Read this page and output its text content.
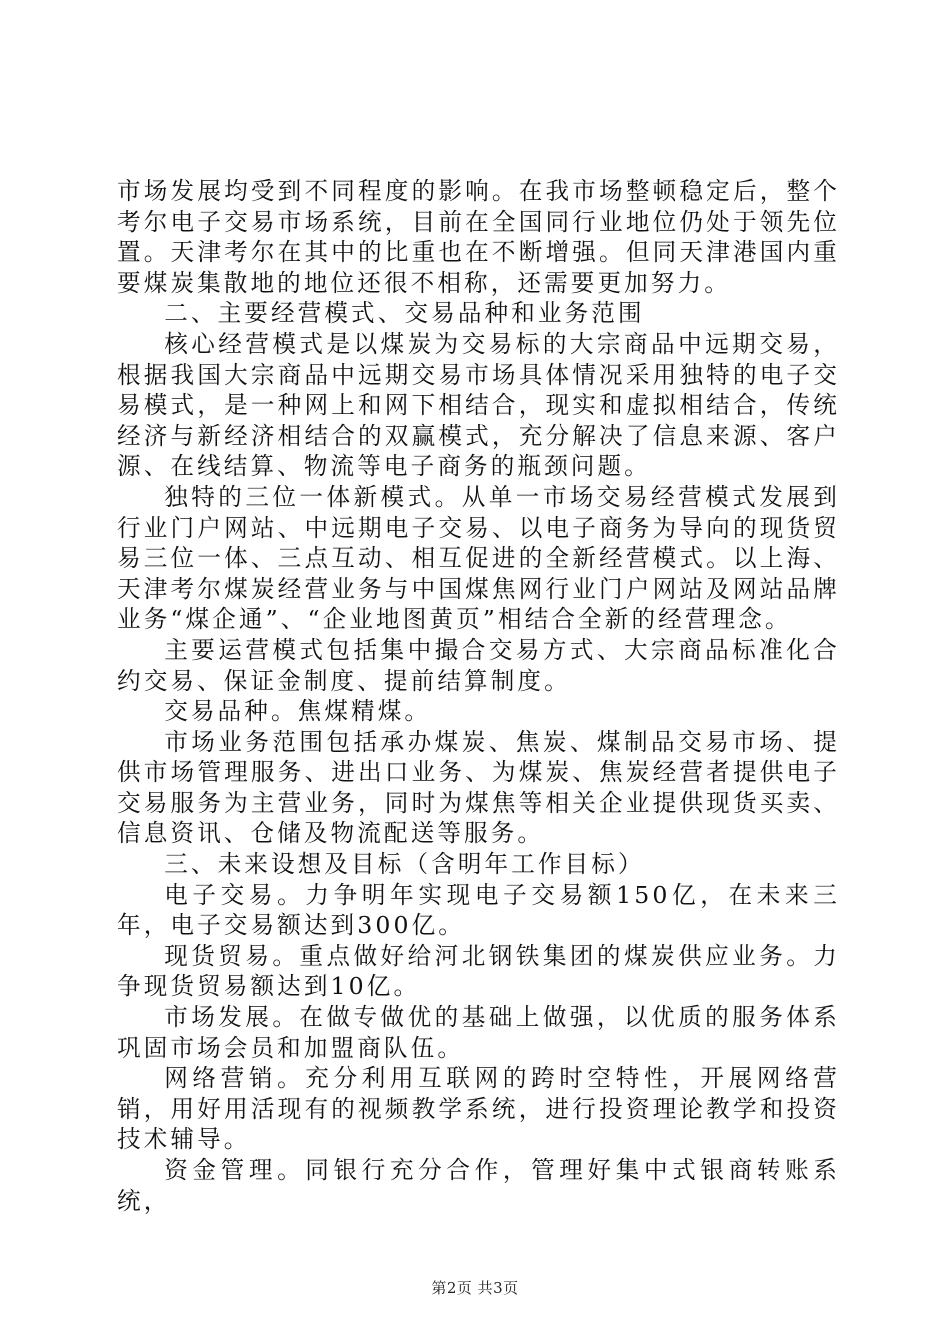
市场发展均受到不同程度的影响。在我市场整顿稳定后，整个考尔电子交易市场系统，目前在全国同行业地位仍处于领先位置。天津考尔在其中的比重也在不断增强。但同天津港国内重要煤炭集散地的地位还很不相称，还需要更加努力。

二、主要经营模式、交易品种和业务范围

核心经营模式是以煤炭为交易标的大宗商品中远期交易，根据我国大宗商品中远期交易市场具体情况采用独特的电子交易模式，是一种网上和网下相结合，现实和虚拟相结合，传统经济与新经济相结合的双赢模式，充分解决了信息来源、客户源、在线结算、物流等电子商务的瓶颈问题。

独特的三位一体新模式。从单一市场交易经营模式发展到行业门户网站、中远期电子交易、以电子商务为导向的现货贸易三位一体、三点互动、相互促进的全新经营模式。以上海、天津考尔煤炭经营业务与中国煤焦网行业门户网站及网站品牌业务“煤企通”、“企业地图黄页”相结合全新的经营理念。

主要运营模式包括集中撮合交易方式、大宗商品标准化合约交易、保证金制度、提前结算制度。

交易品种。焦煤精煤。

市场业务范围包括承办煤炭、焦炭、煤制品交易市场、提供市场管理服务、进出口业务、为煤炭、焦炭经营者提供电子交易服务为主营业务，同时为煤焦等相关企业提供现货买卖、信息资讯、仓储及物流配送等服务。

三、未来设想及目标（含明年工作目标）

电子交易。力争明年实现电子交易额150亿，在未来三年，电子交易额达到300亿。

现货贸易。重点做好给河北钢铁集团的煤炭供应业务。力争现货贸易额达到10亿。

市场发展。在做专做优的基础上做强，以优质的服务体系巩固市场会员和加盟商队伍。

网络营销。充分利用互联网的跨时空特性，开展网络营销，用好用活现有的视频教学系统，进行投资理论教学和投资技术辅导。

资金管理。同银行充分合作，管理好集中式银商转账系统，

第2页 共3页
